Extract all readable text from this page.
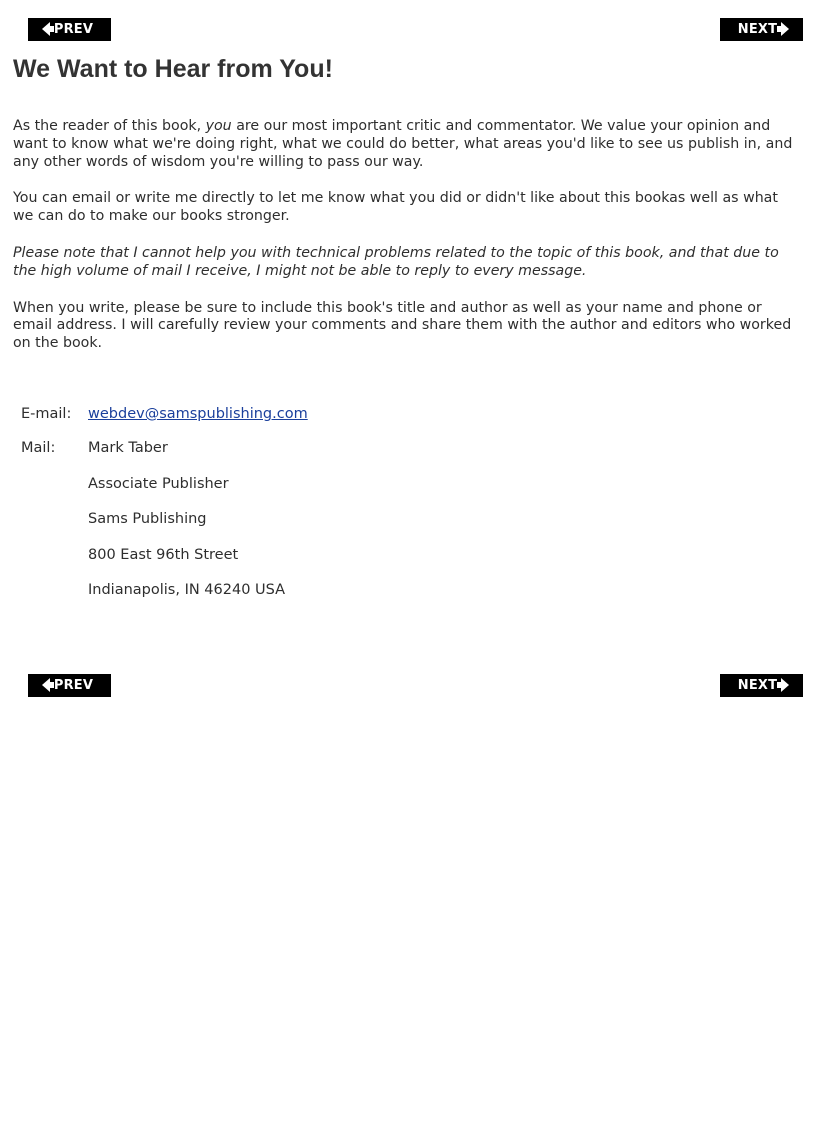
PREV	NEXT
We Want to Hear from You!

As the reader of this book, you are our most important critic and commentator. We value your opinion and want to know what we're doing right, what we could do better, what areas you'd like to see us publish in, and any other words of wisdom you're willing to pass our way.

You can email or write me directly to let me know what you did or didn't like about this bookas well as what we can do to make our books stronger.

Please note that I cannot help you with technical problems related to the topic of this book, and that due to the high volume of mail I receive, I might not be able to reply to every message.

When you write, please be sure to include this book's title and author as well as your name and phone or email address. I will carefully review your comments and share them with the author and editors who worked on the book.

E-mail:	webdev@samspublishing.com
Mail:	Mark Taber
Associate Publisher
Sams Publishing
800 East 96th Street
Indianapolis, IN 46240 USA
PREV	NEXT
